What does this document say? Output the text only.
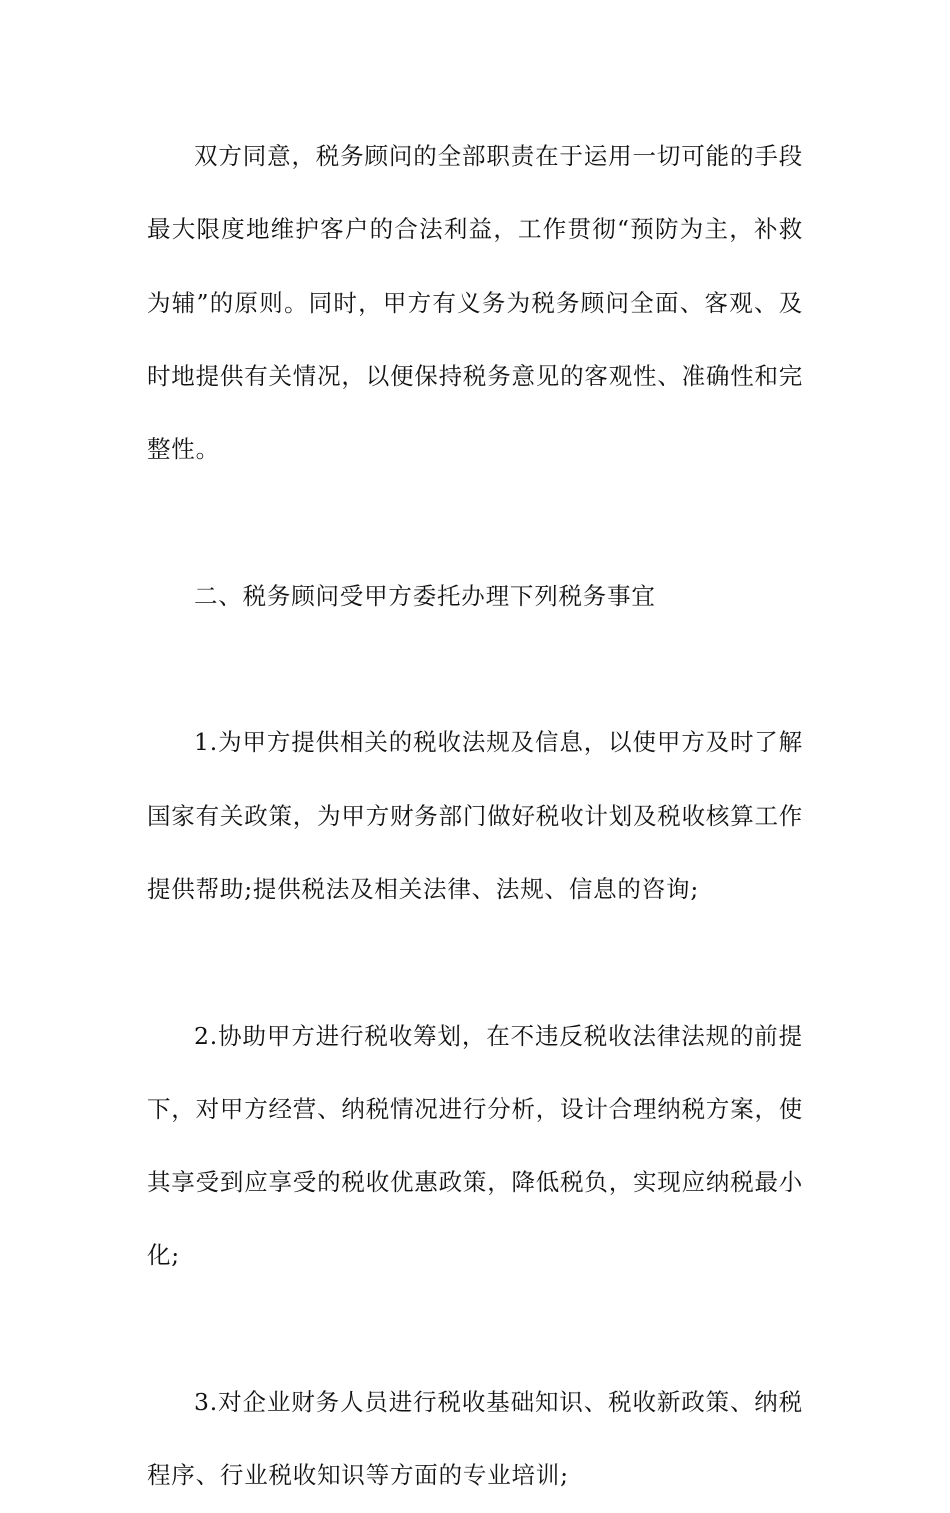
双方同意，税务顾问的全部职责在于运用一切可能的手段
最大限度地维护客户的合法利益，工作贯彻“预防为主，补救
为辅”的原则。同时，甲方有义务为税务顾问全面、客观、及
时地提供有关情况，以便保持税务意见的客观性、准确性和完
整性。
二、税务顾问受甲方委托办理下列税务事宜
1.为甲方提供相关的税收法规及信息，以使甲方及时了解
国家有关政策，为甲方财务部门做好税收计划及税收核算工作
提供帮助;提供税法及相关法律、法规、信息的咨询;
2.协助甲方进行税收筹划，在不违反税收法律法规的前提
下，对甲方经营、纳税情况进行分析，设计合理纳税方案，使
其享受到应享受的税收优惠政策，降低税负，实现应纳税最小
化;
3.对企业财务人员进行税收基础知识、税收新政策、纳税
程序、行业税收知识等方面的专业培训;
